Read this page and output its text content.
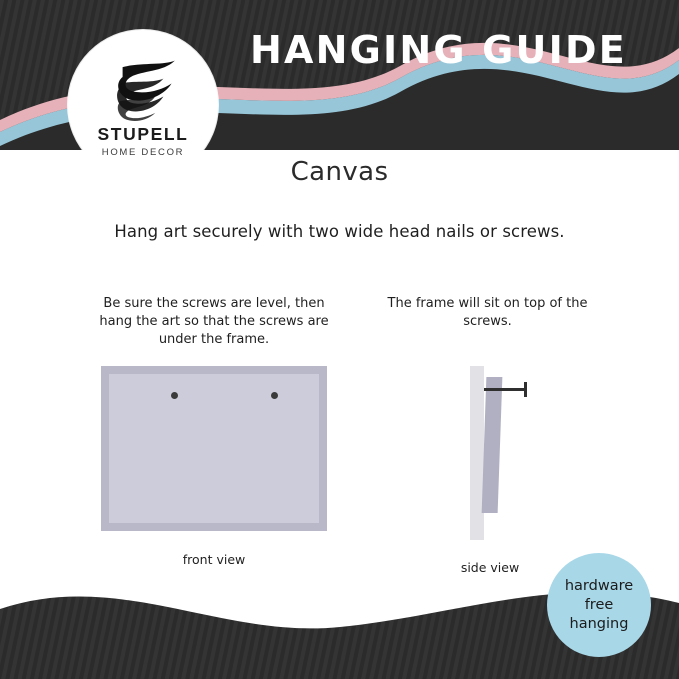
STUPELL
HOME DECOR
HANGING GUIDE
Canvas
Hang art securely with two wide head nails or screws.
Be sure the screws are level, then hang the art so that the screws are under the frame.
The frame will sit on top of the screws.
front view
side view
hardware
free
hanging
